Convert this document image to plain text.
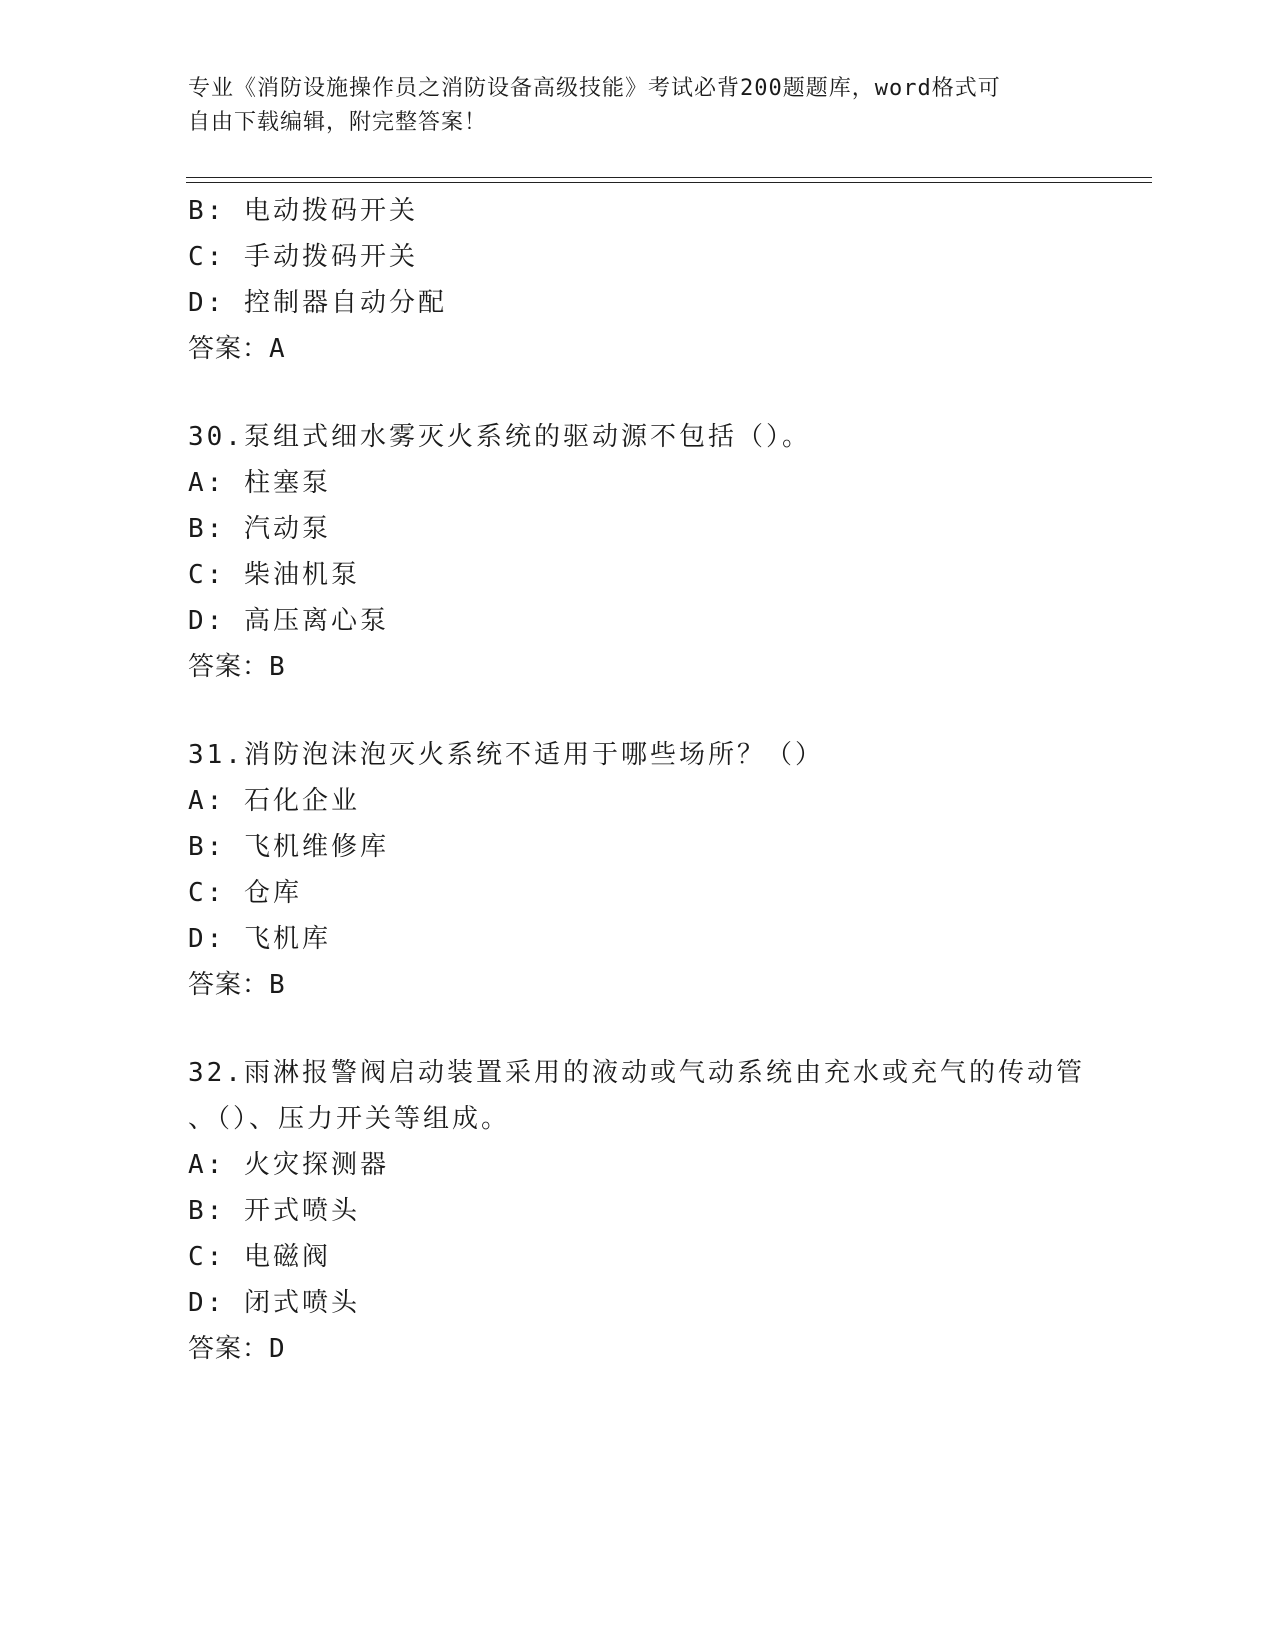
专业《消防设施操作员之消防设备高级技能》考试必背200题题库，word格式可
自由下载编辑，附完整答案！
B: 电动拨码开关
C: 手动拨码开关
D: 控制器自动分配
答案：A
30.泵组式细水雾灭火系统的驱动源不包括（）。
A: 柱塞泵
B: 汽动泵
C: 柴油机泵
D: 高压离心泵
答案：B
31.消防泡沫泡灭火系统不适用于哪些场所？（）
A: 石化企业
B: 飞机维修库
C: 仓库
D: 飞机库
答案：B
32.雨淋报警阀启动装置采用的液动或气动系统由充水或充气的传动管
、（）、压力开关等组成。
A: 火灾探测器
B: 开式喷头
C: 电磁阀
D: 闭式喷头
答案：D
